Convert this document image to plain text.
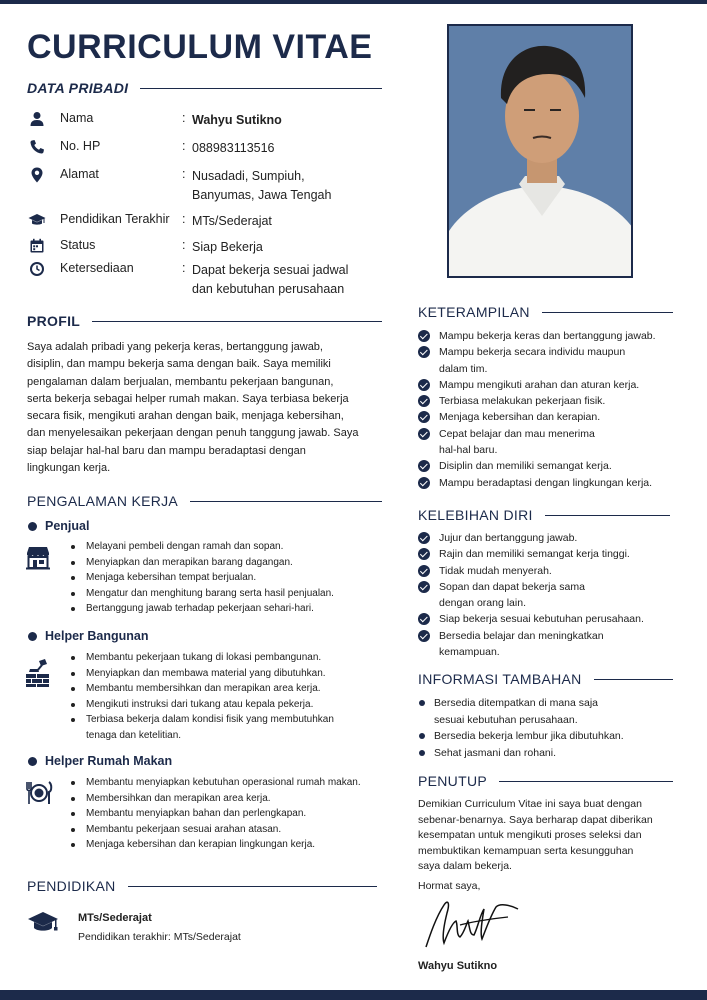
CURRICULUM VITAE
DATA PRIBADI
Nama	: Wahyu Sutikno
No. HP	: 088983113516
Alamat	: Nusadadi, Sumpiuh,
Banyumas, Jawa Tengah
Pendidikan Terakhir : MTs/Sederajat
Status	: Siap Bekerja
Ketersediaan	: Dapat bekerja sesuai jadwal
dan kebutuhan perusahaan
PROFIL
Saya adalah pribadi yang pekerja keras, bertanggung jawab,
disiplin, dan mampu bekerja sama dengan baik. Saya memiliki
pengalaman dalam berjualan, membantu pekerjaan bangunan,
serta bekerja sebagai helper rumah makan. Saya terbiasa bekerja
secara fisik, mengikuti arahan dengan baik, menjaga kebersihan,
dan menyelesaikan pekerjaan dengan penuh tanggung jawab. Saya
siap belajar hal-hal baru dan mampu beradaptasi dengan
lingkungan kerja.
PENGALAMAN KERJA
Penjual
Melayani pembeli dengan ramah dan sopan.
Menyiapkan dan merapikan barang dagangan.
Menjaga kebersihan tempat berjualan.
Mengatur dan menghitung barang serta hasil penjualan.
Bertanggung jawab terhadap pekerjaan sehari-hari.
Helper Bangunan
Membantu pekerjaan tukang di lokasi pembangunan.
Menyiapkan dan membawa material yang dibutuhkan.
Membantu membersihkan dan merapikan area kerja.
Mengikuti instruksi dari tukang atau kepala pekerja.
Terbiasa bekerja dalam kondisi fisik yang membutuhkan
tenaga dan ketelitian.
Helper Rumah Makan
Membantu menyiapkan kebutuhan operasional rumah makan.
Membersihkan dan merapikan area kerja.
Membantu menyiapkan bahan dan perlengkapan.
Membantu pekerjaan sesuai arahan atasan.
Menjaga kebersihan dan kerapian lingkungan kerja.
PENDIDIKAN
MTs/Sederajat
Pendidikan terakhir: MTs/Sederajat
KETERAMPILAN
Mampu bekerja keras dan bertanggung jawab.
Mampu bekerja secara individu maupun
dalam tim.
Mampu mengikuti arahan dan aturan kerja.
Terbiasa melakukan pekerjaan fisik.
Menjaga kebersihan dan kerapian.
Cepat belajar dan mau menerima
hal-hal baru.
Disiplin dan memiliki semangat kerja.
Mampu beradaptasi dengan lingkungan kerja.
KELEBIHAN DIRI
Jujur dan bertanggung jawab.
Rajin dan memiliki semangat kerja tinggi.
Tidak mudah menyerah.
Sopan dan dapat bekerja sama
dengan orang lain.
Siap bekerja sesuai kebutuhan perusahaan.
Bersedia belajar dan meningkatkan
kemampuan.
INFORMASI TAMBAHAN
Bersedia ditempatkan di mana saja
sesuai kebutuhan perusahaan.
Bersedia bekerja lembur jika dibutuhkan.
Sehat jasmani dan rohani.
PENUTUP
Demikian Curriculum Vitae ini saya buat dengan
sebenar-benarnya. Saya berharap dapat diberikan
kesempatan untuk mengikuti proses seleksi dan
membuktikan kemampuan serta kesungguhan
saya dalam bekerja.
Hormat saya,
Wahyu Sutikno
